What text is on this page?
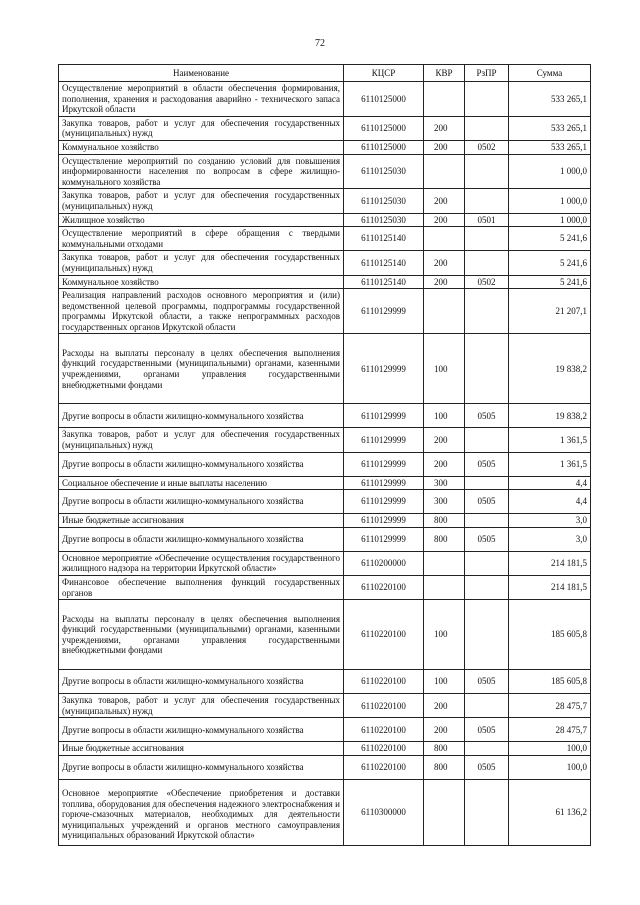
72
Наименование	КЦСР	КВР	РзПР	Сумма
Осуществление мероприятий в области обеспечения формирования, пополнения, хранения и расходования аварийно - технического запаса Иркутской области	6110125000			533 265,1
Закупка товаров, работ и услуг для обеспечения государственных (муниципальных) нужд	6110125000	200		533 265,1
Коммунальное хозяйство	6110125000	200	0502	533 265,1
Осуществление мероприятий по созданию условий для повышения информированности населения по вопросам в сфере жилищно-коммунального хозяйства	6110125030			1 000,0
Закупка товаров, работ и услуг для обеспечения государственных (муниципальных) нужд	6110125030	200		1 000,0
Жилищное хозяйство	6110125030	200	0501	1 000,0
Осуществление мероприятий в сфере обращения с твердыми коммунальными отходами	6110125140			5 241,6
Закупка товаров, работ и услуг для обеспечения государственных (муниципальных) нужд	6110125140	200		5 241,6
Коммунальное хозяйство	6110125140	200	0502	5 241,6
Реализация направлений расходов основного мероприятия и (или) ведомственной целевой программы, подпрограммы государственной программы Иркутской области, а также непрограммных расходов государственных органов Иркутской области	6110129999			21 207,1
Расходы на выплаты персоналу в целях обеспечения выполнения функций государственными (муниципальными) органами, казенными учреждениями, органами управления государственными внебюджетными фондами	6110129999	100		19 838,2
Другие вопросы в области жилищно-коммунального хозяйства	6110129999	100	0505	19 838,2
Закупка товаров, работ и услуг для обеспечения государственных (муниципальных) нужд	6110129999	200		1 361,5
Другие вопросы в области жилищно-коммунального хозяйства	6110129999	200	0505	1 361,5
Социальное обеспечение и иные выплаты населению	6110129999	300		4,4
Другие вопросы в области жилищно-коммунального хозяйства	6110129999	300	0505	4,4
Иные бюджетные ассигнования	6110129999	800		3,0
Другие вопросы в области жилищно-коммунального хозяйства	6110129999	800	0505	3,0
Основное мероприятие «Обеспечение осуществления государственного жилищного надзора на территории Иркутской области»	6110200000			214 181,5
Финансовое обеспечение выполнения функций государственных органов	6110220100			214 181,5
Расходы на выплаты персоналу в целях обеспечения выполнения функций государственными (муниципальными) органами, казенными учреждениями, органами управления государственными внебюджетными фондами	6110220100	100		185 605,8
Другие вопросы в области жилищно-коммунального хозяйства	6110220100	100	0505	185 605,8
Закупка товаров, работ и услуг для обеспечения государственных (муниципальных) нужд	6110220100	200		28 475,7
Другие вопросы в области жилищно-коммунального хозяйства	6110220100	200	0505	28 475,7
Иные бюджетные ассигнования	6110220100	800		100,0
Другие вопросы в области жилищно-коммунального хозяйства	6110220100	800	0505	100,0
Основное мероприятие «Обеспечение приобретения и доставки топлива, оборудования для обеспечения надежного электроснабжения и горюче-смазочных материалов, необходимых для деятельности муниципальных учреждений и органов местного самоуправления муниципальных образований Иркутской области»	6110300000			61 136,2
